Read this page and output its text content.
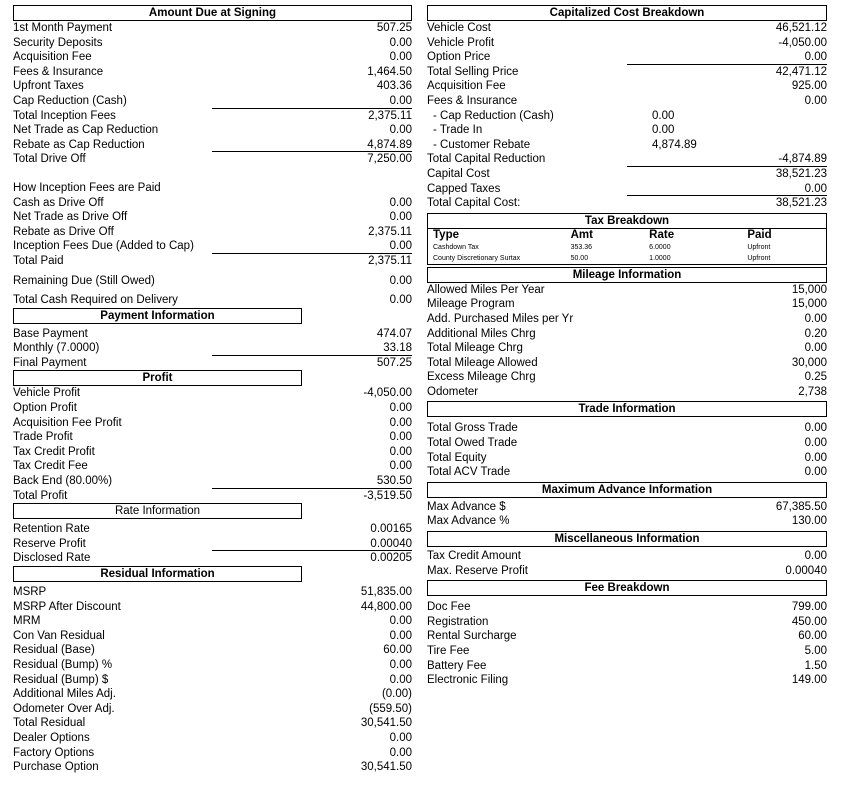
Amount Due at Signing
1st Month Payment	507.25
Security Deposits	0.00
Acquisition Fee	0.00
Fees & Insurance	1,464.50
Upfront Taxes	403.36
Cap Reduction (Cash)	0.00
Total Inception Fees	2,375.11
Net Trade as Cap Reduction	0.00
Rebate as Cap Reduction	4,874.89
Total Drive Off	7,250.00
How Inception Fees are Paid
Cash as Drive Off	0.00
Net Trade as Drive Off	0.00
Rebate as Drive Off	2,375.11
Inception Fees Due (Added to Cap)	0.00
Total Paid	2,375.11
Remaining Due (Still Owed)	0.00
Total Cash Required on Delivery	0.00
Payment Information
Base Payment	474.07
Monthly (7.0000)	33.18
Final Payment	507.25
Profit
Vehicle Profit	-4,050.00
Option Profit	0.00
Acquisition Fee Profit	0.00
Trade Profit	0.00
Tax Credit Profit	0.00
Tax Credit Fee	0.00
Back End (80.00%)	530.50
Total Profit	-3,519.50
Rate Information
Retention Rate	0.00165
Reserve Profit	0.00040
Disclosed Rate	0.00205
Residual Information
MSRP	51,835.00
MSRP After Discount	44,800.00
MRM	0.00
Con Van Residual	0.00
Residual (Base)	60.00
Residual (Bump) %	0.00
Residual (Bump) $	0.00
Additional Miles Adj.	(0.00)
Odometer Over Adj.	(559.50)
Total Residual	30,541.50
Dealer Options	0.00
Factory Options	0.00
Purchase Option	30,541.50
Capitalized Cost Breakdown
Vehicle Cost	46,521.12
Vehicle Profit	-4,050.00
Option Price	0.00
Total Selling Price	42,471.12
Acquisition Fee	925.00
Fees & Insurance	0.00
- Cap Reduction (Cash)	0.00
- Trade In	0.00
- Customer Rebate	4,874.89
Total Capital Reduction	-4,874.89
Capital Cost	38,521.23
Capped Taxes	0.00
Total Capital Cost:	38,521.23
Tax Breakdown
Type	Amt	Rate	Paid
Cashdown Tax	353.36	6.0000	Upfront
County Discretionary Surtax	50.00	1.0000	Upfront
Mileage Information
Allowed Miles Per Year	15,000
Mileage Program	15,000
Add. Purchased Miles per Yr	0.00
Additional Miles Chrg	0.20
Total Mileage Chrg	0.00
Total Mileage Allowed	30,000
Excess Mileage Chrg	0.25
Odometer	2,738
Trade Information
Total Gross Trade	0.00
Total Owed Trade	0.00
Total Equity	0.00
Total ACV Trade	0.00
Maximum Advance Information
Max Advance $	67,385.50
Max Advance %	130.00
Miscellaneous Information
Tax Credit Amount	0.00
Max. Reserve Profit	0.00040
Fee Breakdown
Doc Fee	799.00
Registration	450.00
Rental Surcharge	60.00
Tire Fee	5.00
Battery Fee	1.50
Electronic Filing	149.00
